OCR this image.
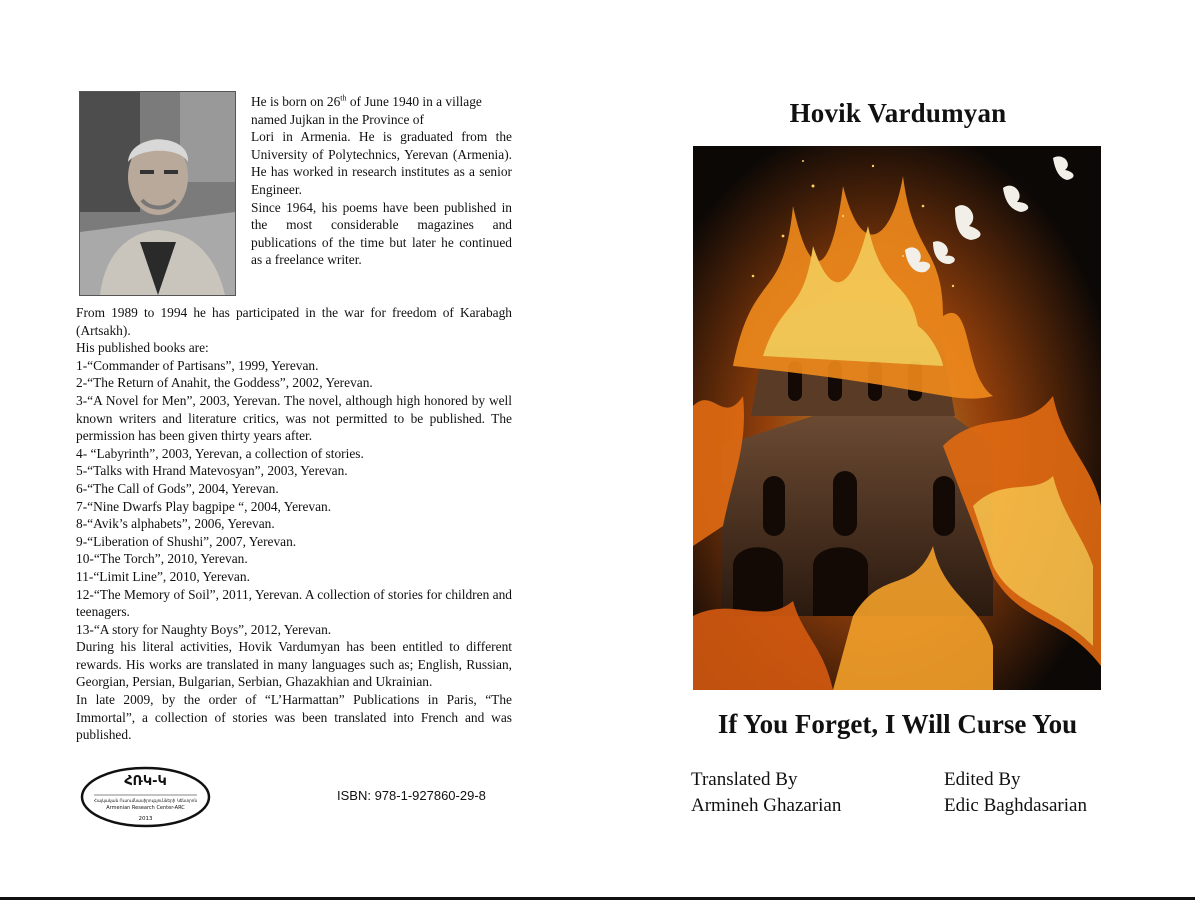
He is born on 26th of June 1940 in a village named Jujkan in the Province of

Lori in Armenia. He is graduated from the University of Polytechnics, Yerevan (Armenia). He has worked in research institutes as a senior Engineer.

Since 1964, his poems have been published in the most considerable magazines and publications of the time but later he continued as a freelance writer.

From 1989 to 1994 he has participated in the war for freedom of Karabagh (Artsakh).

His published books are:

1-“Commander of Partisans”, 1999, Yerevan.
2-“The Return of Anahit, the Goddess”, 2002, Yerevan.
3-“A Novel for Men”, 2003, Yerevan. The novel, although high honored by well known writers and literature critics, was not permitted to be published. The permission has been given thirty years after.
4- “Labyrinth”, 2003, Yerevan, a collection of stories.
5-“Talks with Hrand Matevosyan”, 2003, Yerevan.
6-“The Call of Gods”, 2004, Yerevan.
7-“Nine Dwarfs Play bagpipe “, 2004, Yerevan.
8-“Avik’s alphabets”, 2006, Yerevan.
9-“Liberation of Shushi”, 2007, Yerevan.
10-“The Torch”, 2010, Yerevan.
11-“Limit Line”, 2010, Yerevan.
12-“The Memory of Soil”, 2011, Yerevan. A collection of stories for children and teenagers.
13-“A story for Naughty Boys”, 2012, Yerevan.

During his literal activities, Hovik Vardumyan has been entitled to different rewards. His works are translated in many languages such as; English, Russian, Georgian, Persian, Bulgarian, Serbian, Ghazakhian and Ukrainian.

In late 2009, by the order of “L’Harmattan” Publications in Paris, “The Immortal”, a collection of stories was been translated into French and was published.

ՀՌԿ-Կ
Հայկական Ուսումնասիրությունների Կենտրոն
Armenian Research Center-ARC
2013
ISBN: 978-1-927860-29-8
Hovik Vardumyan
If You Forget, I Will Curse You
Translated By
Armineh Ghazarian
Edited By
Edic Baghdasarian
